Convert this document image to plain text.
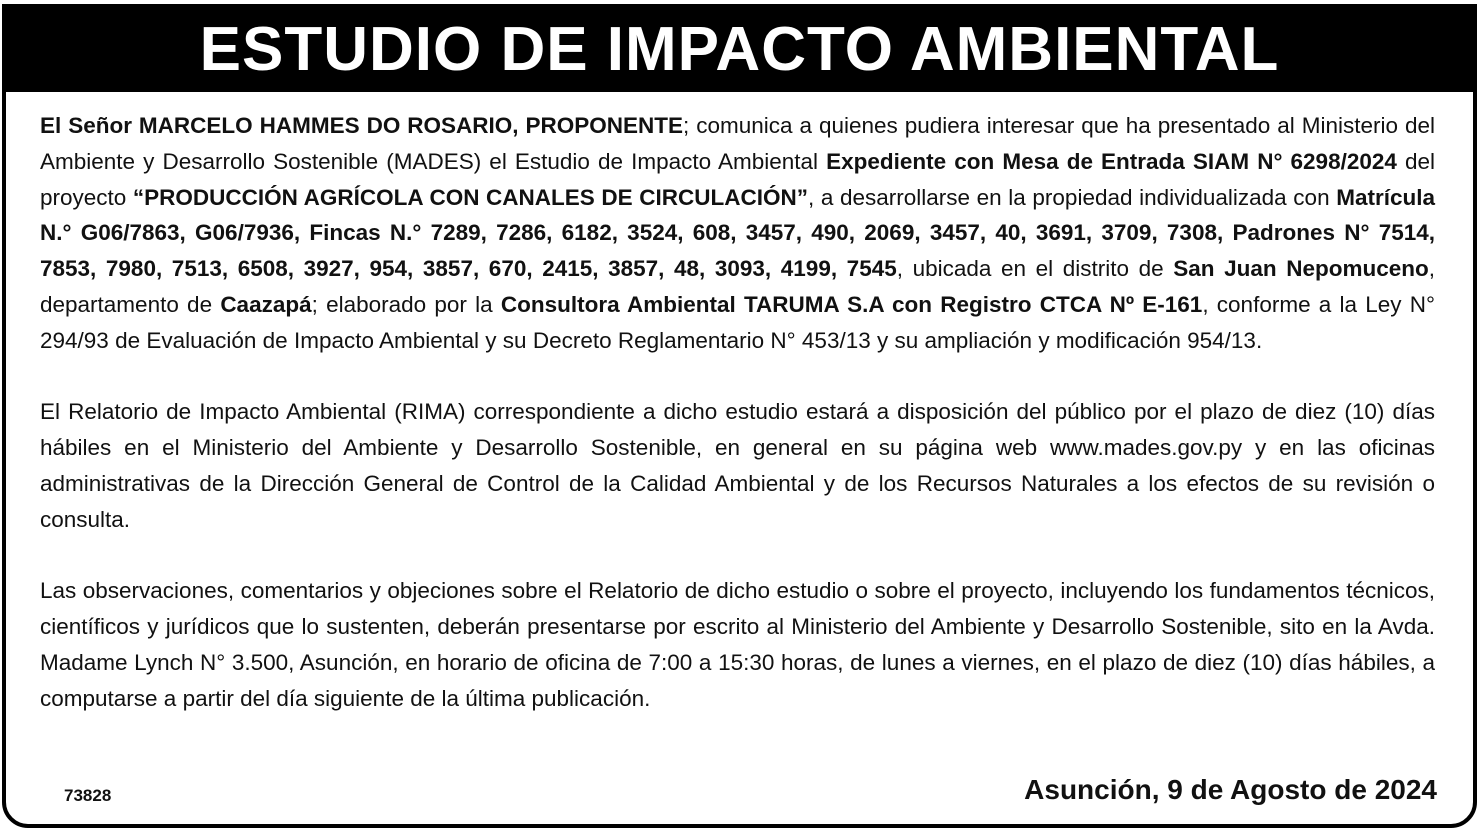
ESTUDIO DE IMPACTO AMBIENTAL

El Señor MARCELO HAMMES DO ROSARIO, PROPONENTE; comunica a quienes pudiera interesar que ha presentado al Ministerio del Ambiente y Desarrollo Sostenible (MADES) el Estudio de Impacto Ambiental Expediente con Mesa de Entrada SIAM N° 6298/2024 del proyecto “PRODUCCIÓN AGRÍCOLA CON CANALES DE CIRCULACIÓN”, a desarrollarse en la propiedad individualizada con Matrícula N.° G06/7863, G06/7936, Fincas N.° 7289, 7286, 6182, 3524, 608, 3457, 490, 2069, 3457, 40, 3691, 3709, 7308, Padrones N° 7514, 7853, 7980, 7513, 6508, 3927, 954, 3857, 670, 2415, 3857, 48, 3093, 4199, 7545, ubicada en el distrito de San Juan Nepomuceno, departamento de Caazapá; elaborado por la Consultora Ambiental TARUMA S.A con Registro CTCA Nº E-161, conforme a la Ley N° 294/93 de Evaluación de Impacto Ambiental y su Decreto Reglamentario N° 453/13 y su ampliación y modificación 954/13.

El Relatorio de Impacto Ambiental (RIMA) correspondiente a dicho estudio estará a disposición del público por el plazo de diez (10) días hábiles en el Ministerio del Ambiente y Desarrollo Sostenible, en general en su página web www.mades.gov.py y en las oficinas administrativas de la Dirección General de Control de la Calidad Ambiental y de los Recursos Naturales a los efectos de su revisión o consulta.

Las observaciones, comentarios y objeciones sobre el Relatorio de dicho estudio o sobre el proyecto, incluyendo los fundamentos técnicos, científicos y jurídicos que lo sustenten, deberán presentarse por escrito al Ministerio del Ambiente y Desarrollo Sostenible, sito en la Avda. Madame Lynch N° 3.500, Asunción, en horario de oficina de 7:00 a 15:30 horas, de lunes a viernes, en el plazo de diez (10) días hábiles, a computarse a partir del día siguiente de la última publicación.

73828	Asunción, 9 de Agosto de 2024
